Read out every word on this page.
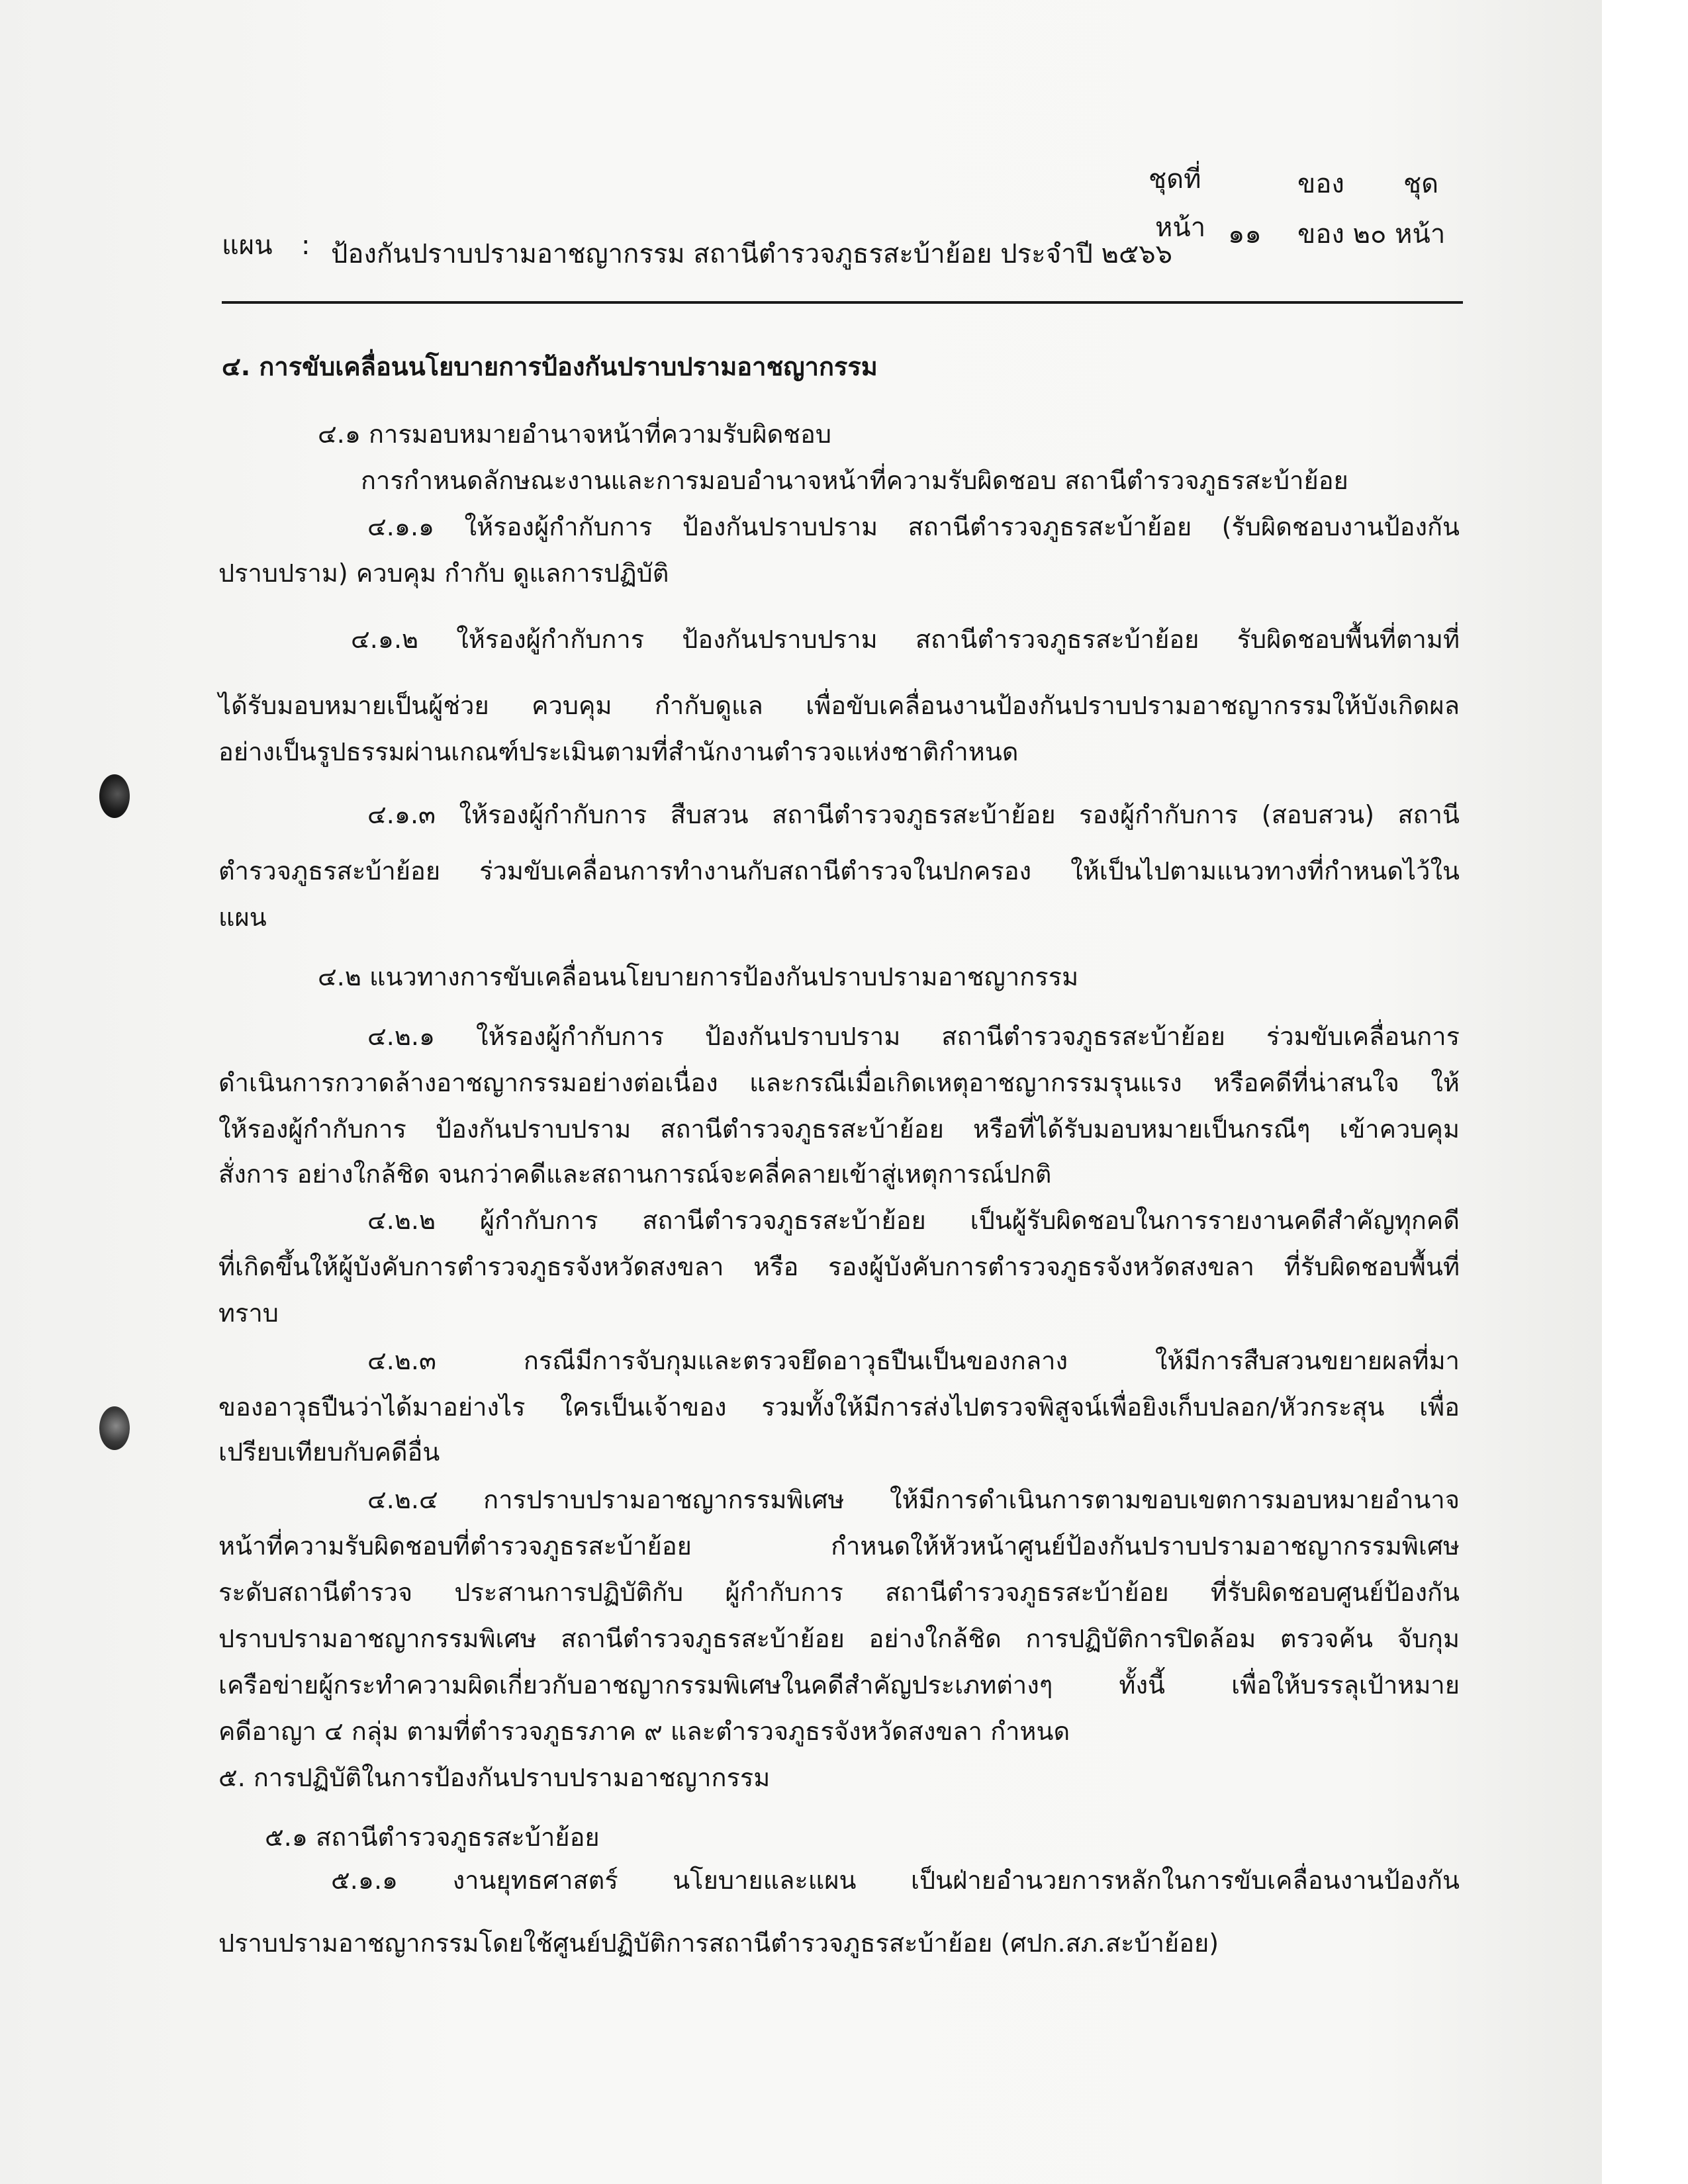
ชุดที่	ของ ชุด
หน้า ๑๑ ของ ๒๐ หน้า
แผน : ป้องกันปราบปรามอาชญากรรม สถานีตำรวจภูธรสะบ้าย้อย ประจำปี ๒๕๖๖
๔. การขับเคลื่อนนโยบายการป้องกันปราบปรามอาชญากรรม
๔.๑ การมอบหมายอำนาจหน้าที่ความรับผิดชอบ
การกำหนดลักษณะงานและการมอบอำนาจหน้าที่ความรับผิดชอบ สถานีตำรวจภูธรสะบ้าย้อย
๔.๑.๑ ให้รองผู้กำกับการ ป้องกันปราบปราม สถานีตำรวจภูธรสะบ้าย้อย (รับผิดชอบงานป้องกัน
ปราบปราม) ควบคุม กำกับ ดูแลการปฏิบัติ
๔.๑.๒ ให้รองผู้กำกับการ ป้องกันปราบปราม สถานีตำรวจภูธรสะบ้าย้อย รับผิดชอบพื้นที่ตามที่
ได้รับมอบหมายเป็นผู้ช่วย ควบคุม กำกับดูแล เพื่อขับเคลื่อนงานป้องกันปราบปรามอาชญากรรมให้บังเกิดผล
อย่างเป็นรูปธรรมผ่านเกณฑ์ประเมินตามที่สำนักงานตำรวจแห่งชาติกำหนด
๔.๑.๓ ให้รองผู้กำกับการ สืบสวน สถานีตำรวจภูธรสะบ้าย้อย รองผู้กำกับการ (สอบสวน) สถานี
ตำรวจภูธรสะบ้าย้อย ร่วมขับเคลื่อนการทำงานกับสถานีตำรวจในปกครอง ให้เป็นไปตามแนวทางที่กำหนดไว้ใน
แผน
๔.๒ แนวทางการขับเคลื่อนนโยบายการป้องกันปราบปรามอาชญากรรม
๔.๒.๑ ให้รองผู้กำกับการ ป้องกันปราบปราม สถานีตำรวจภูธรสะบ้าย้อย ร่วมขับเคลื่อนการ
ดำเนินการกวาดล้างอาชญากรรมอย่างต่อเนื่อง และกรณีเมื่อเกิดเหตุอาชญากรรมรุนแรง หรือคดีที่น่าสนใจ ให้
ให้รองผู้กำกับการ ป้องกันปราบปราม สถานีตำรวจภูธรสะบ้าย้อย หรือที่ได้รับมอบหมายเป็นกรณีๆ เข้าควบคุม
สั่งการ อย่างใกล้ชิด จนกว่าคดีและสถานการณ์จะคลี่คลายเข้าสู่เหตุการณ์ปกติ
๔.๒.๒ ผู้กำกับการ สถานีตำรวจภูธรสะบ้าย้อย เป็นผู้รับผิดชอบในการรายงานคดีสำคัญทุกคดี
ที่เกิดขึ้นให้ผู้บังคับการตำรวจภูธรจังหวัดสงขลา หรือ รองผู้บังคับการตำรวจภูธรจังหวัดสงขลา ที่รับผิดชอบพื้นที่
ทราบ
๔.๒.๓ กรณีมีการจับกุมและตรวจยึดอาวุธปืนเป็นของกลาง ให้มีการสืบสวนขยายผลที่มา
ของอาวุธปืนว่าได้มาอย่างไร ใครเป็นเจ้าของ รวมทั้งให้มีการส่งไปตรวจพิสูจน์เพื่อยิงเก็บปลอก/หัวกระสุน เพื่อ
เปรียบเทียบกับคดีอื่น
๔.๒.๔ การปราบปรามอาชญากรรมพิเศษ ให้มีการดำเนินการตามขอบเขตการมอบหมายอำนาจ
หน้าที่ความรับผิดชอบที่ตำรวจภูธรสะบ้าย้อย กำหนดให้หัวหน้าศูนย์ป้องกันปราบปรามอาชญากรรมพิเศษ
ระดับสถานีตำรวจ ประสานการปฏิบัติกับ ผู้กำกับการ สถานีตำรวจภูธรสะบ้าย้อย ที่รับผิดชอบศูนย์ป้องกัน
ปราบปรามอาชญากรรมพิเศษ สถานีตำรวจภูธรสะบ้าย้อย อย่างใกล้ชิด การปฏิบัติการปิดล้อม ตรวจค้น จับกุม
เครือข่ายผู้กระทำความผิดเกี่ยวกับอาชญากรรมพิเศษในคดีสำคัญประเภทต่างๆ ทั้งนี้ เพื่อให้บรรลุเป้าหมาย
คดีอาญา ๔ กลุ่ม ตามที่ตำรวจภูธรภาค ๙ และตำรวจภูธรจังหวัดสงขลา กำหนด
๕. การปฏิบัติในการป้องกันปราบปรามอาชญากรรม
๕.๑ สถานีตำรวจภูธรสะบ้าย้อย
๕.๑.๑ งานยุทธศาสตร์ นโยบายและแผน เป็นฝ่ายอำนวยการหลักในการขับเคลื่อนงานป้องกัน
ปราบปรามอาชญากรรมโดยใช้ศูนย์ปฏิบัติการสถานีตำรวจภูธรสะบ้าย้อย (ศปก.สภ.สะบ้าย้อย)
